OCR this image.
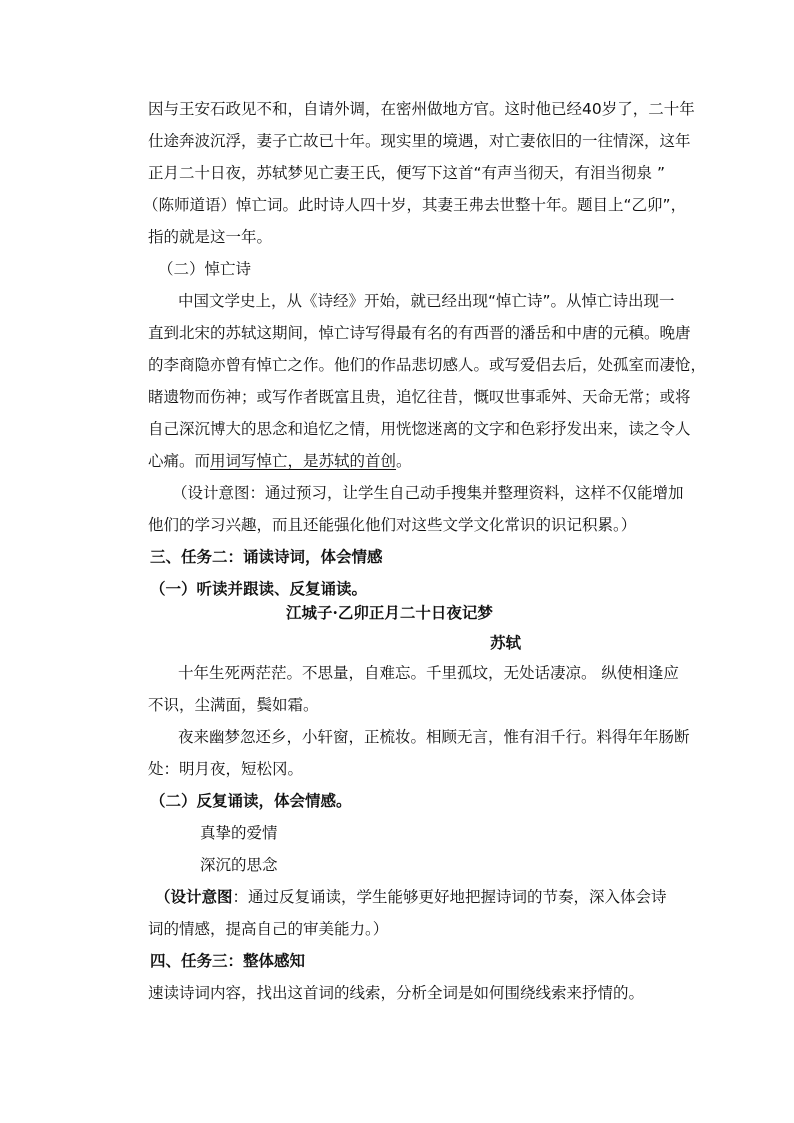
因与王安石政见不和，自请外调，在密州做地方官。这时他已经40岁了，二十年
仕途奔波沉浮，妻子亡故已十年。现实里的境遇，对亡妻依旧的一往情深，这年
正月二十日夜，苏轼梦见亡妻王氏，便写下这首“有声当彻天，有泪当彻泉 ”
（陈师道语）悼亡词。此时诗人四十岁，其妻王弗去世整十年。题目上“乙卯”，
指的就是这一年。
（二）悼亡诗
中国文学史上，从《诗经》开始，就已经出现“悼亡诗”。从悼亡诗出现一
直到北宋的苏轼这期间，悼亡诗写得最有名的有西晋的潘岳和中唐的元稹。晚唐
的李商隐亦曾有悼亡之作。他们的作品悲切感人。或写爱侣去后，处孤室而凄怆，
睹遗物而伤神；或写作者既富且贵，追忆往昔，慨叹世事乖舛、天命无常；或将
自己深沉博大的思念和追忆之情，用恍惚迷离的文字和色彩抒发出来，读之令人
心痛。而用词写悼亡，是苏轼的首创。
（设计意图：通过预习，让学生自己动手搜集并整理资料，这样不仅能增加
他们的学习兴趣，而且还能强化他们对这些文学文化常识的识记积累。）
三、任务二：诵读诗词，体会情感
（一）听读并跟读、反复诵读。
江城子·乙卯正月二十日夜记梦
苏轼
十年生死两茫茫。不思量，自难忘。千里孤坟，无处话凄凉。 纵使相逢应
不识，尘满面，鬓如霜。
夜来幽梦忽还乡，小轩窗，正梳妆。相顾无言，惟有泪千行。料得年年肠断
处：明月夜，短松冈。
（二）反复诵读，体会情感。
真挚的爱情
深沉的思念
（设计意图：通过反复诵读，学生能够更好地把握诗词的节奏，深入体会诗
词的情感，提高自己的审美能力。）
四、任务三：整体感知
速读诗词内容，找出这首词的线索，分析全词是如何围绕线索来抒情的。
